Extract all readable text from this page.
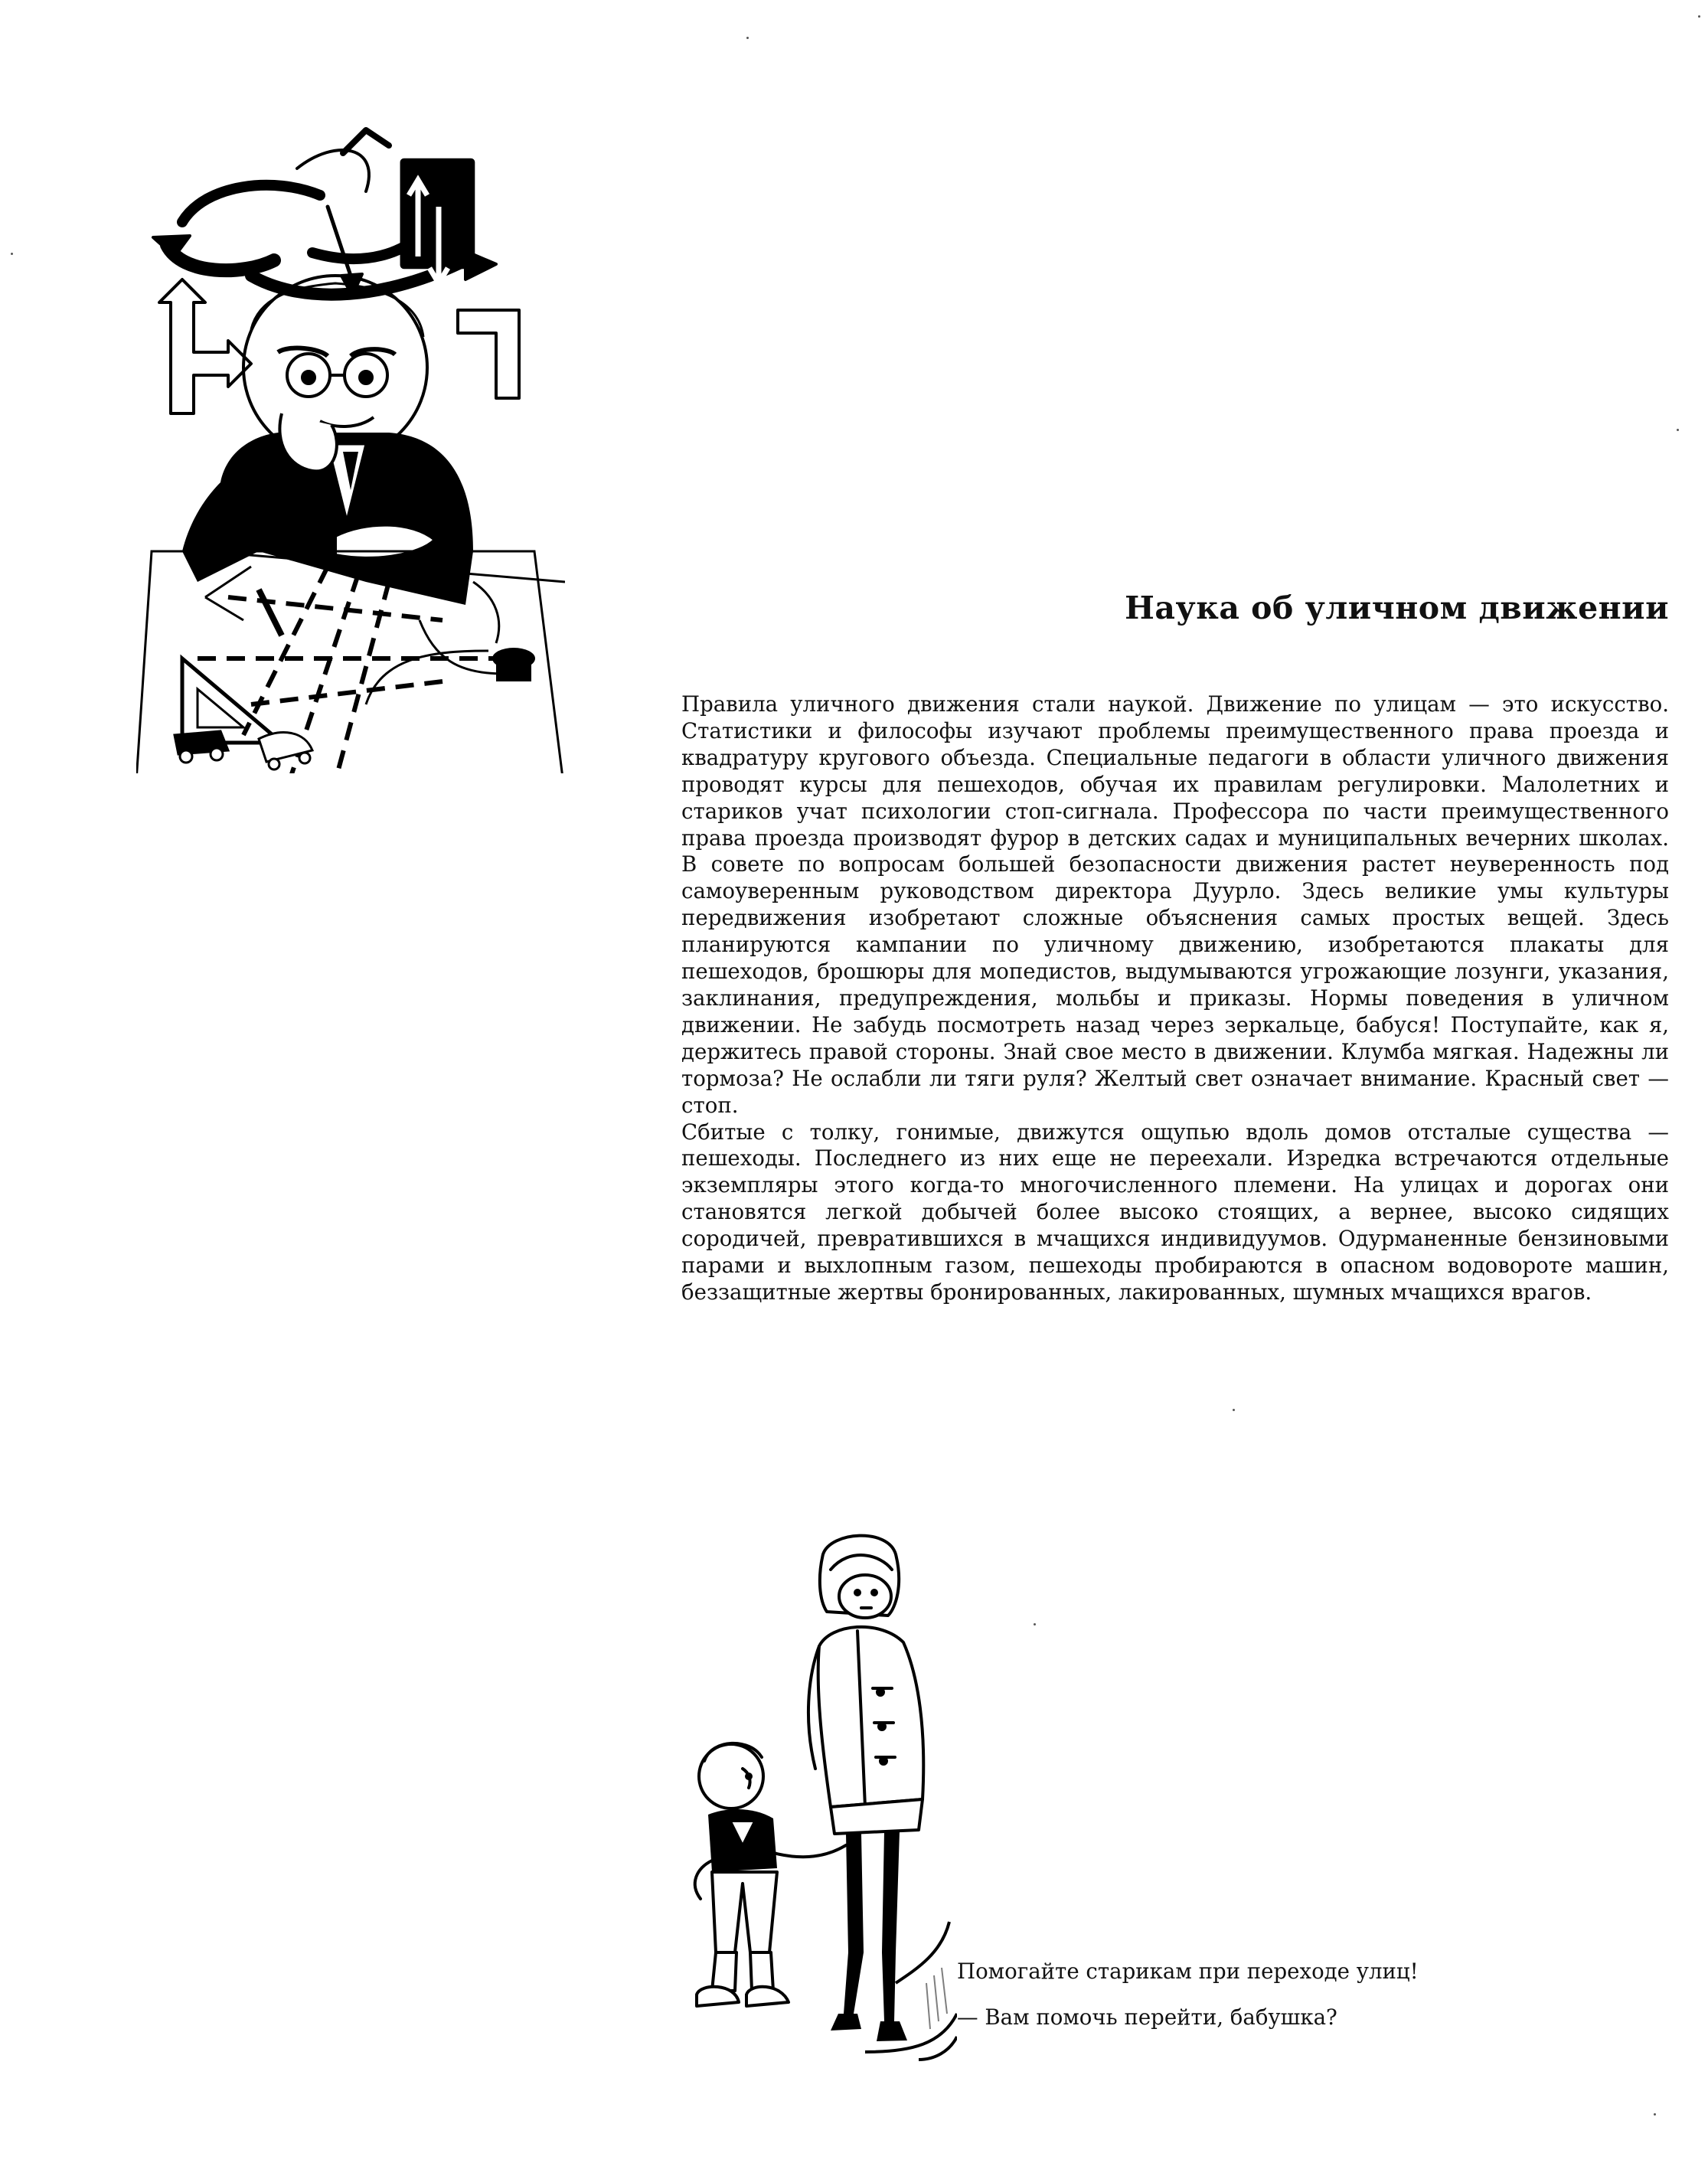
Наука об уличном движении

Правила уличного движения стали наукой. Движение по улицам — это искусство. Статистики и философы изучают проблемы преимущественного права проезда и квадратуру кругового объезда. Специальные педагоги в области уличного движения проводят курсы для пешеходов, обучая их правилам регулировки. Малолетних и стариков учат психологии стоп-сигнала. Профессора по части преимущественного права проезда производят фурор в детских садах и муниципальных вечерних школах. В совете по вопросам большей безопасности движения растет неуверенность под самоуверенным руководством директора Дуурло. Здесь великие умы культуры передвижения изобретают сложные объяснения самых простых вещей. Здесь планируются кампании по уличному движению, изобретаются плакаты для пешеходов, брошюры для мопедистов, выдумываются угрожающие лозунги, указания, заклинания, предупреждения, мольбы и приказы. Нормы поведения в уличном движении. Не забудь посмотреть назад через зеркальце, бабуся! Поступайте, как я, держитесь правой стороны. Знай свое место в движении. Клумба мягкая. Надежны ли тормоза? Не ослабли ли тяги руля? Желтый свет означает внимание. Красный свет — стоп.

Сбитые с толку, гонимые, движутся ощупью вдоль домов отсталые существа — пешеходы. Последнего из них еще не переехали. Изредка встречаются отдельные экземпляры этого когда-то многочисленного племени. На улицах и дорогах они становятся легкой добычей более высоко стоящих, а вернее, высоко сидящих сородичей, превратившихся в мчащихся индивидуумов. Одурманенные бензиновыми парами и выхлопным газом, пешеходы пробираются в опасном водовороте машин, беззащитные жертвы бронированных, лакированных, шумных мчащихся врагов.

Помогайте старикам при переходе улиц!

— Вам помочь перейти, бабушка?
